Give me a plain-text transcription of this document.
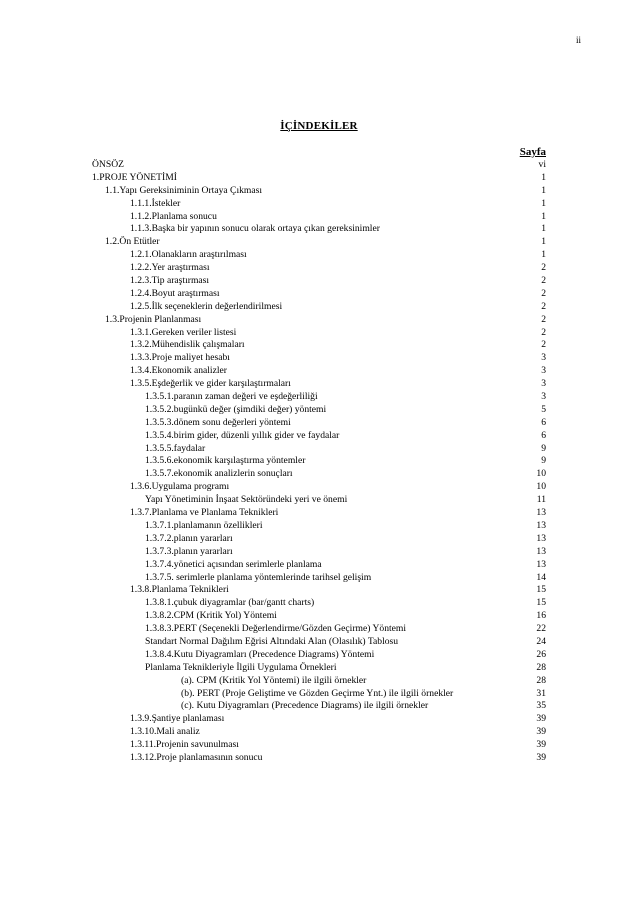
ii
İÇİNDEKİLER
Sayfa
ÖNSÖZ	vi
1.PROJE YÖNETİMİ	1
1.1.Yapı Gereksiniminin Ortaya Çıkması	1
1.1.1.İstekler	1
1.1.2.Planlama sonucu	1
1.1.3.Başka bir yapının sonucu olarak ortaya çıkan gereksinimler	1
1.2.Ön Etütler	1
1.2.1.Olanakların araştırılması	1
1.2.2.Yer araştırması	2
1.2.3.Tip araştırması	2
1.2.4.Boyut araştırması	2
1.2.5.İlk seçeneklerin değerlendirilmesi	2
1.3.Projenin Planlanması	2
1.3.1.Gereken veriler listesi	2
1.3.2.Mühendislik çalışmaları	2
1.3.3.Proje maliyet hesabı	3
1.3.4.Ekonomik analizler	3
1.3.5.Eşdeğerlik ve gider karşılaştırmaları	3
1.3.5.1.paranın zaman değeri ve eşdeğerliliği	3
1.3.5.2.bugünkü değer (şimdiki değer) yöntemi	5
1.3.5.3.dönem sonu değerleri yöntemi	6
1.3.5.4.birim gider, düzenli yıllık gider ve faydalar	6
1.3.5.5.faydalar	9
1.3.5.6.ekonomik karşılaştırma yöntemler	9
1.3.5.7.ekonomik analizlerin sonuçları	10
1.3.6.Uygulama programı	10
Yapı Yönetiminin İnşaat Sektöründeki yeri ve önemi	11
1.3.7.Planlama ve Planlama Teknikleri	13
1.3.7.1.planlamanın özellikleri	13
1.3.7.2.planın yararları	13
1.3.7.3.planın yararları	13
1.3.7.4.yönetici açısından serimlerle planlama	13
1.3.7.5. serimlerle planlama yöntemlerinde tarihsel gelişim	14
1.3.8.Planlama Teknikleri	15
1.3.8.1.çubuk diyagramlar (bar/gantt charts)	15
1.3.8.2.CPM (Kritik Yol) Yöntemi	16
1.3.8.3.PERT (Seçenekli Değerlendirme/Gözden Geçirme) Yöntemi	22
Standart Normal Dağılım Eğrisi Altındaki Alan (Olasılık) Tablosu	24
1.3.8.4.Kutu Diyagramları (Precedence Diagrams) Yöntemi	26
Planlama Teknikleriyle İlgili Uygulama Örnekleri	28
(a). CPM (Kritik Yol Yöntemi) ile ilgili örnekler	28
(b). PERT (Proje Geliştime ve Gözden Geçirme Ynt.) ile ilgili örnekler	31
(c). Kutu Diyagramları (Precedence Diagrams) ile ilgili örnekler	35
1.3.9.Şantiye planlaması	39
1.3.10.Mali analiz	39
1.3.11.Projenin savunulması	39
1.3.12.Proje planlamasının sonucu	39
